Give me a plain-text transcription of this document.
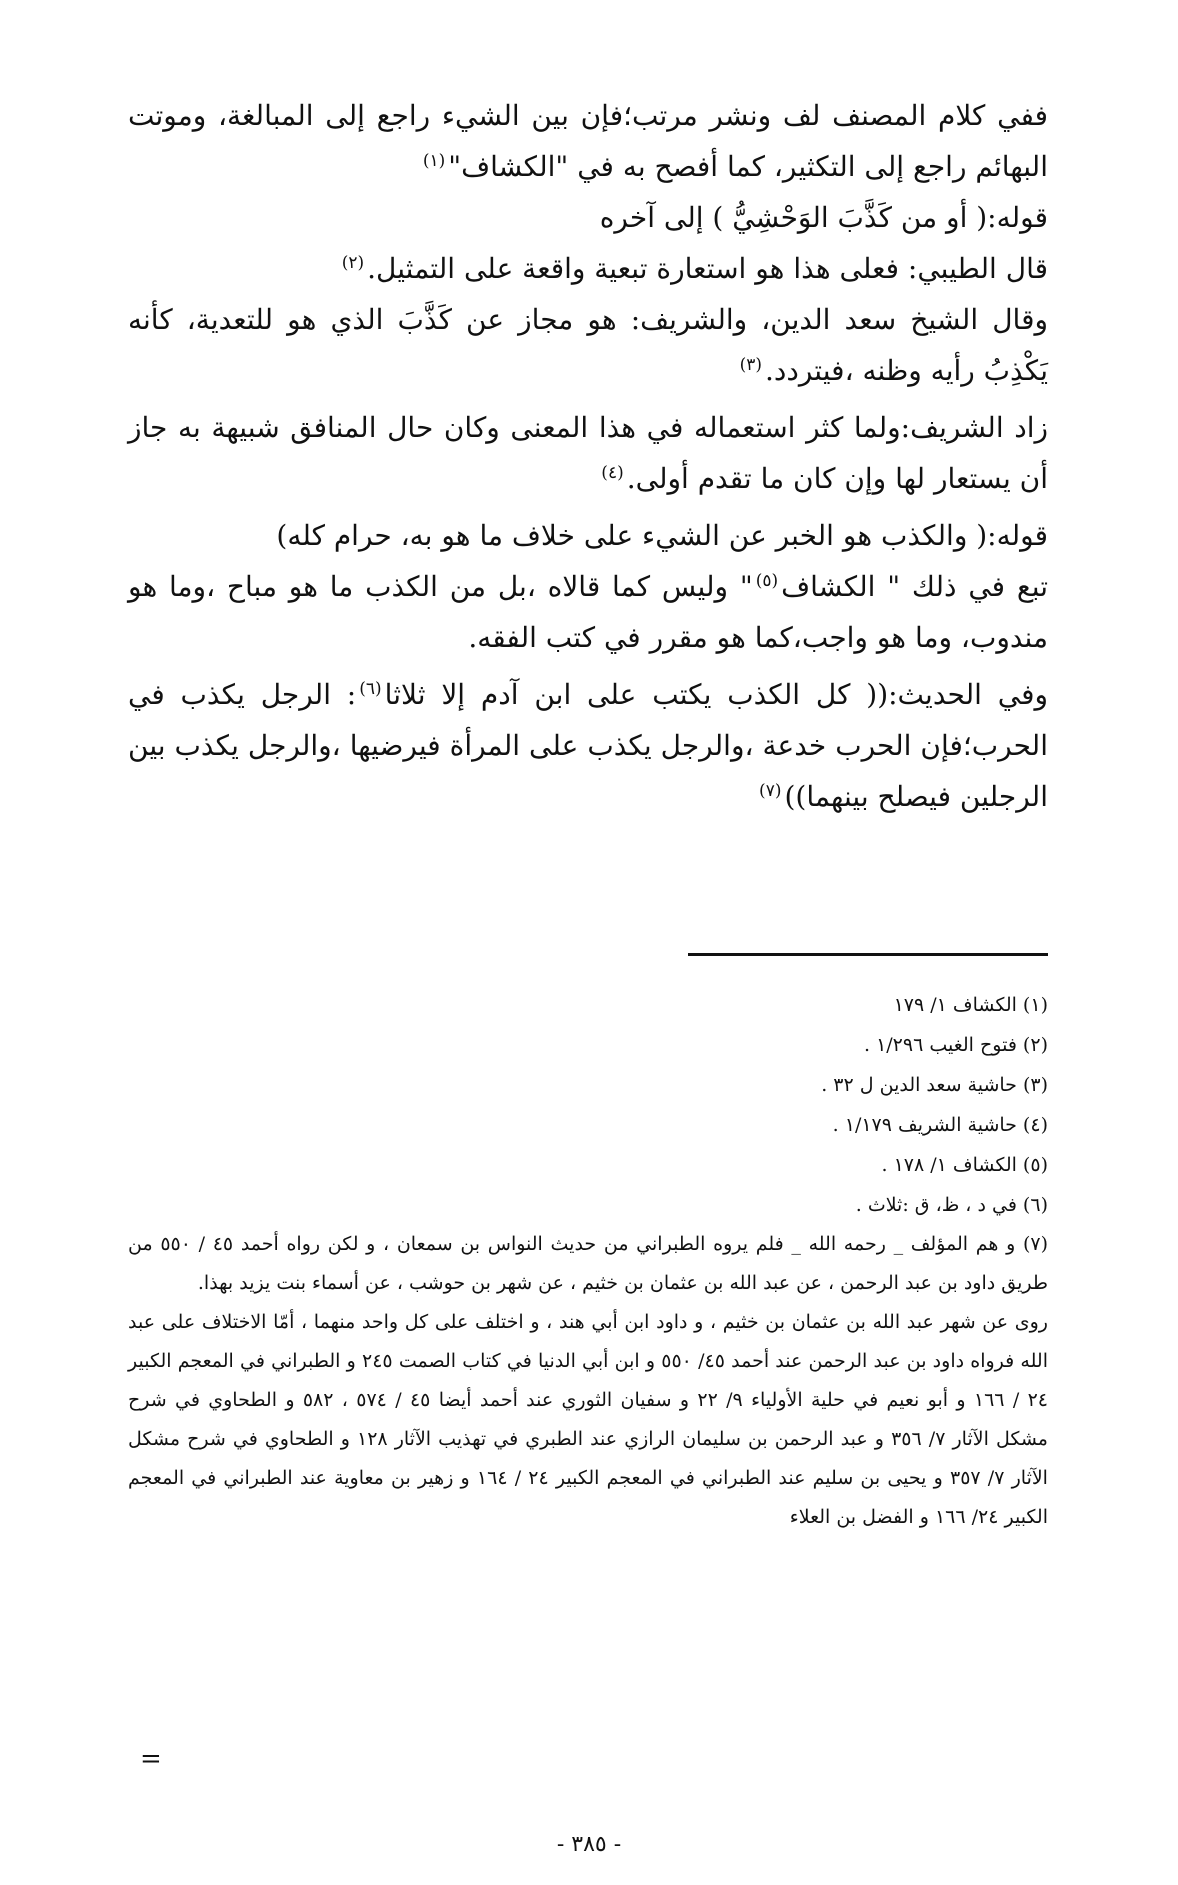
ففي كلام المصنف لف ونشر مرتب؛فإن بين الشيء راجع إلى المبالغة، وموتت البهائم راجع إلى التكثير، كما أفصح به في "الكشاف"$^{(١)}$

قوله:( أو من كَذَّبَ الوَحْشِيُّ ) إلى آخره

قال الطيبي: فعلى هذا هو استعارة تبعية واقعة على التمثيل.$^{(٢)}$

وقال الشيخ سعد الدين، والشريف: هو مجاز عن كَذَّبَ الذي هو للتعدية، كأنه يَكْذِبُ رأيه وظنه ،فيتردد.$^{(٣)}$

زاد الشريف:ولما كثر استعماله في هذا المعنى وكان حال المنافق شبيهة به جاز أن يستعار لها وإن كان ما تقدم أولى.$^{(٤)}$

قوله:( والكذب هو الخبر عن الشيء على خلاف ما هو به، حرام كله)

تبع في ذلك " الكشاف$^{(٥)}$" وليس كما قالاه ،بل من الكذب ما هو مباح ،وما هو مندوب، وما هو واجب،كما هو مقرر في كتب الفقه.

وفي الحديث:(( كل الكذب يكتب على ابن آدم إلا ثلاثا$^{(٦)}$: الرجل يكذب في الحرب؛فإن الحرب خدعة ،والرجل يكذب على المرأة فيرضيها ،والرجل يكذب بين الرجلين فيصلح بينهما))$^{(٧)}$

(١) الكشاف ١/ ١٧٩

(٢) فتوح الغيب ١/٢٩٦ .

(٣) حاشية سعد الدين ل ٣٢ .

(٤) حاشية الشريف ١/١٧٩ .

(٥) الكشاف ١/ ١٧٨ .

(٦) في د ، ظ، ق :ثلاث .

(٧) و هم المؤلف _ رحمه الله _ فلم يروه الطبراني من حديث النواس بن سمعان ، و لكن رواه أحمد ٤٥ / ٥٥٠ من طريق داود بن عبد الرحمن ، عن عبد الله بن عثمان بن خثيم ، عن شهر بن حوشب ، عن أسماء بنت يزيد بهذا.

روى عن شهر عبد الله بن عثمان بن خثيم ، و داود ابن أبي هند ، و اختلف على كل واحد منهما ، أمّا الاختلاف على عبد الله فرواه داود بن عبد الرحمن عند أحمد ٤٥/ ٥٥٠ و ابن أبي الدنيا في كتاب الصمت ٢٤٥ و الطبراني في المعجم الكبير ٢٤ / ١٦٦ و أبو نعيم في حلية الأولياء ٩/ ٢٢ و سفيان الثوري عند أحمد أيضا ٤٥ / ٥٧٤ ، ٥٨٢ و الطحاوي في شرح مشكل الآثار ٧/ ٣٥٦ و عبد الرحمن بن سليمان الرازي عند الطبري في تهذيب الآثار ١٢٨ و الطحاوي في شرح مشكل الآثار ٧/ ٣٥٧ و يحيى بن سليم عند الطبراني في المعجم الكبير ٢٤ / ١٦٤ و زهير بن معاوية عند الطبراني في المعجم الكبير ٢٤/ ١٦٦ و الفضل بن العلاء

=
- ٣٨٥ -
